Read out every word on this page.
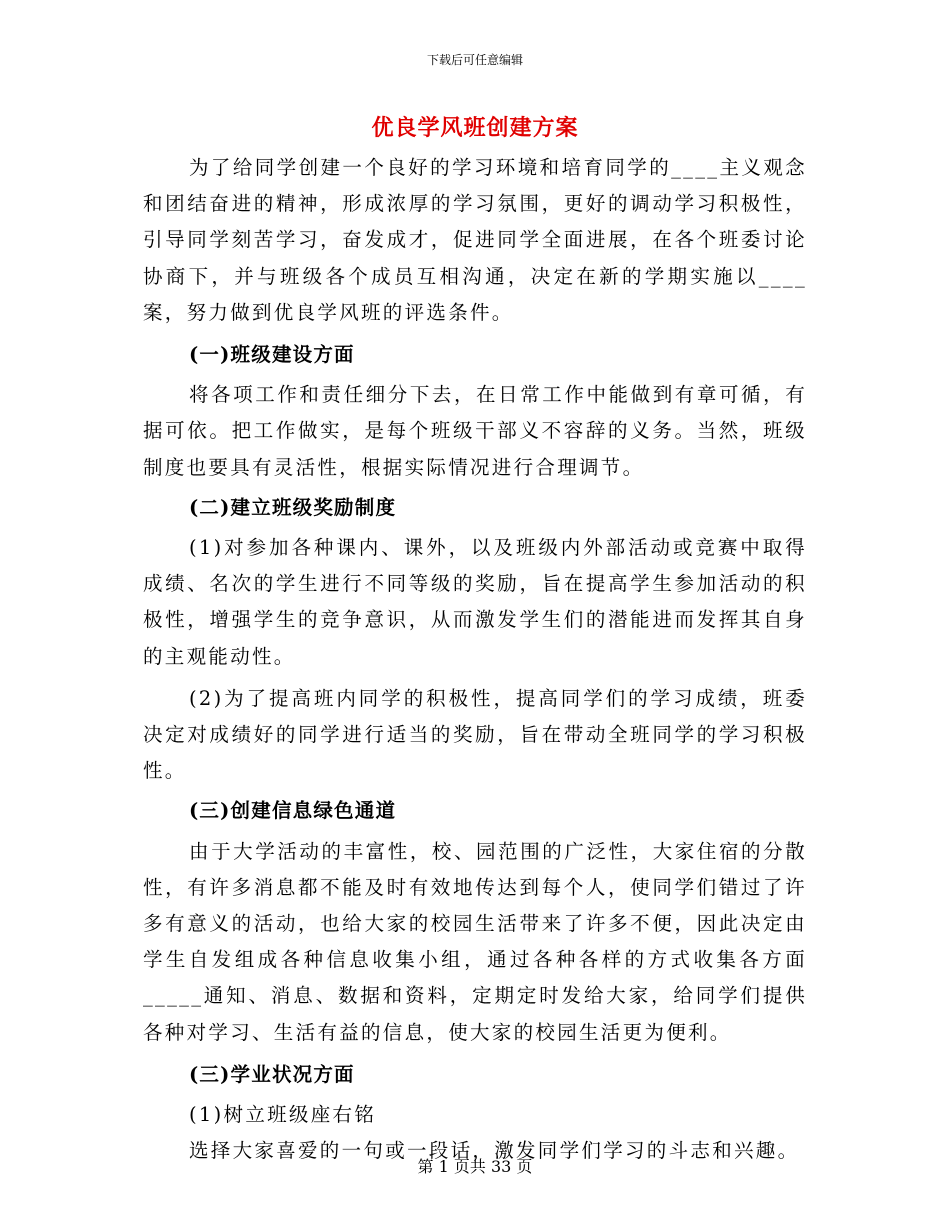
下载后可任意编辑
优良学风班创建方案

为了给同学创建一个良好的学习环境和培育同学的____主义观念和团结奋进的精神，形成浓厚的学习氛围，更好的调动学习积极性，引导同学刻苦学习，奋发成才，促进同学全面进展，在各个班委讨论协商下，并与班级各个成员互相沟通，决定在新的学期实施以____案，努力做到优良学风班的评选条件。

(一)班级建设方面

将各项工作和责任细分下去，在日常工作中能做到有章可循，有据可依。把工作做实，是每个班级干部义不容辞的义务。当然，班级制度也要具有灵活性，根据实际情况进行合理调节。

(二)建立班级奖励制度

(1)对参加各种课内、课外，以及班级内外部活动或竞赛中取得成绩、名次的学生进行不同等级的奖励，旨在提高学生参加活动的积极性，增强学生的竞争意识，从而激发学生们的潜能进而发挥其自身的主观能动性。

(2)为了提高班内同学的积极性，提高同学们的学习成绩，班委决定对成绩好的同学进行适当的奖励，旨在带动全班同学的学习积极性。

(三)创建信息绿色通道

由于大学活动的丰富性，校、园范围的广泛性，大家住宿的分散性，有许多消息都不能及时有效地传达到每个人，使同学们错过了许多有意义的活动，也给大家的校园生活带来了许多不便，因此决定由学生自发组成各种信息收集小组，通过各种各样的方式收集各方面_____通知、消息、数据和资料，定期定时发给大家，给同学们提供各种对学习、生活有益的信息，使大家的校园生活更为便利。

(三)学业状况方面

(1)树立班级座右铭

选择大家喜爱的一句或一段话，激发同学们学习的斗志和兴趣。

第 1 页共 33 页
